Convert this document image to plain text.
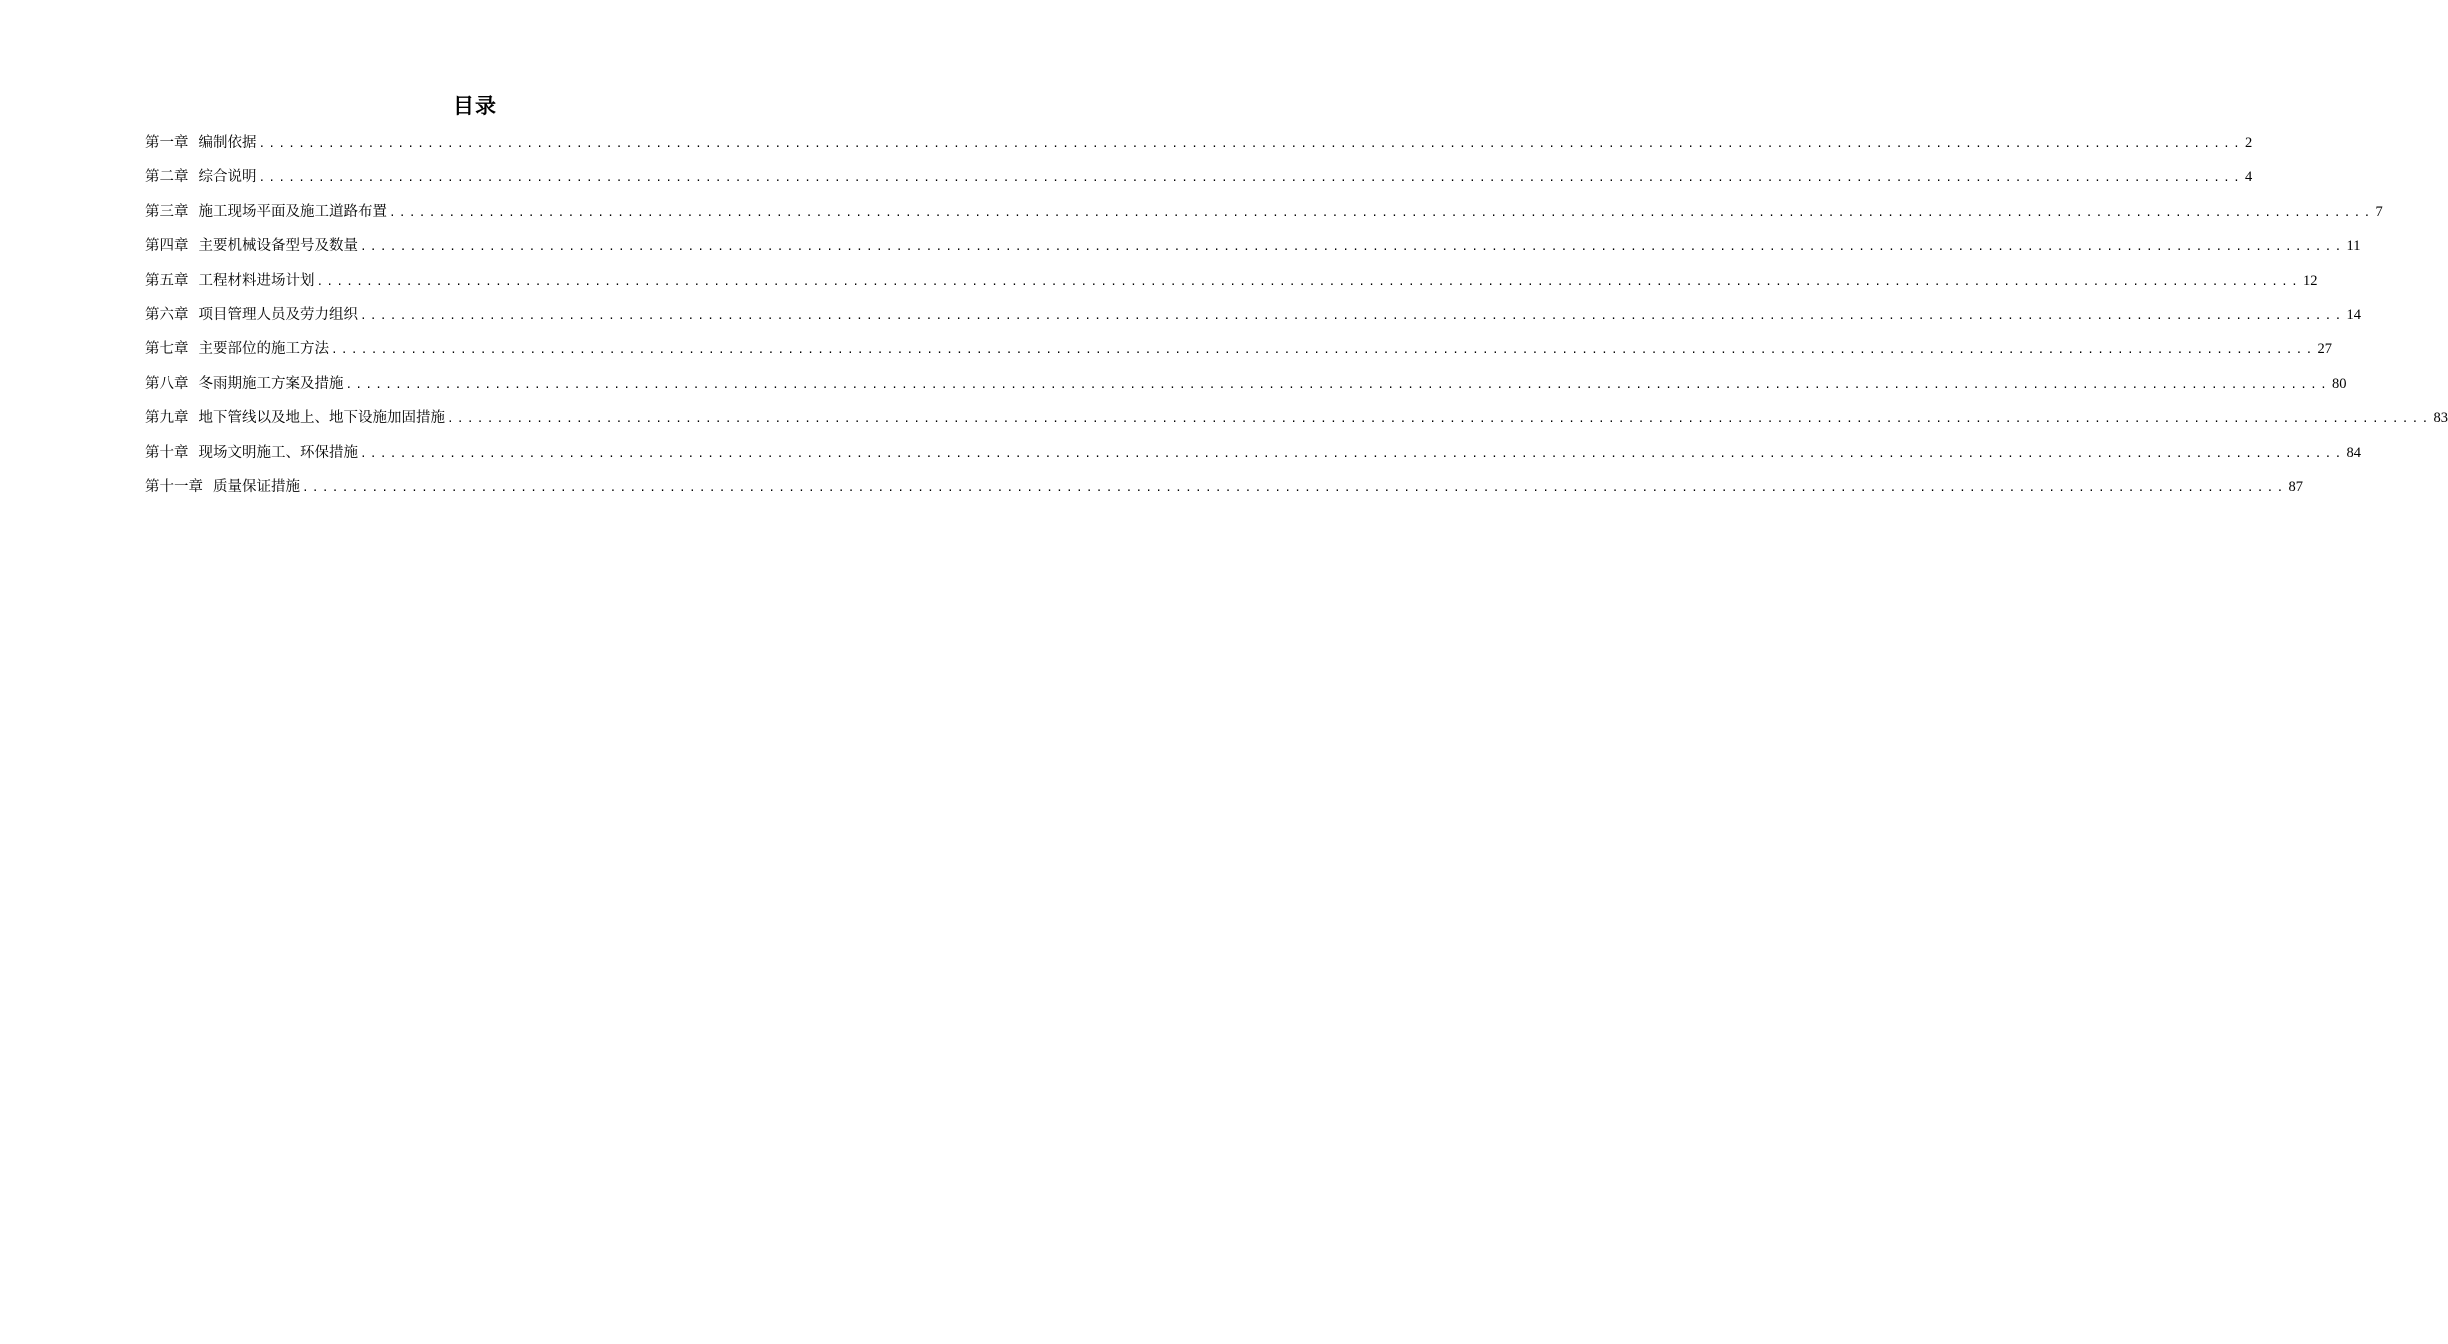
目录
第一章 编制依据 ........................................................................................................................................................................................................ 2
第二章 综合说明 ........................................................................................................................................................................................................ 4
第三章 施工现场平面及施工道路布置 ........................................................................................................................................................................................................ 7
第四章 主要机械设备型号及数量 ........................................................................................................................................................................................................ 11
第五章 工程材料进场计划 ........................................................................................................................................................................................................ 12
第六章 项目管理人员及劳力组织 ........................................................................................................................................................................................................ 14
第七章 主要部位的施工方法 ........................................................................................................................................................................................................ 27
第八章 冬雨期施工方案及措施 ........................................................................................................................................................................................................ 80
第九章 地下管线以及地上、地下设施加固措施 ........................................................................................................................................................................................................ 83
第十章 现场文明施工、环保措施 ........................................................................................................................................................................................................ 84
第十一章 质量保证措施 ........................................................................................................................................................................................................ 87
